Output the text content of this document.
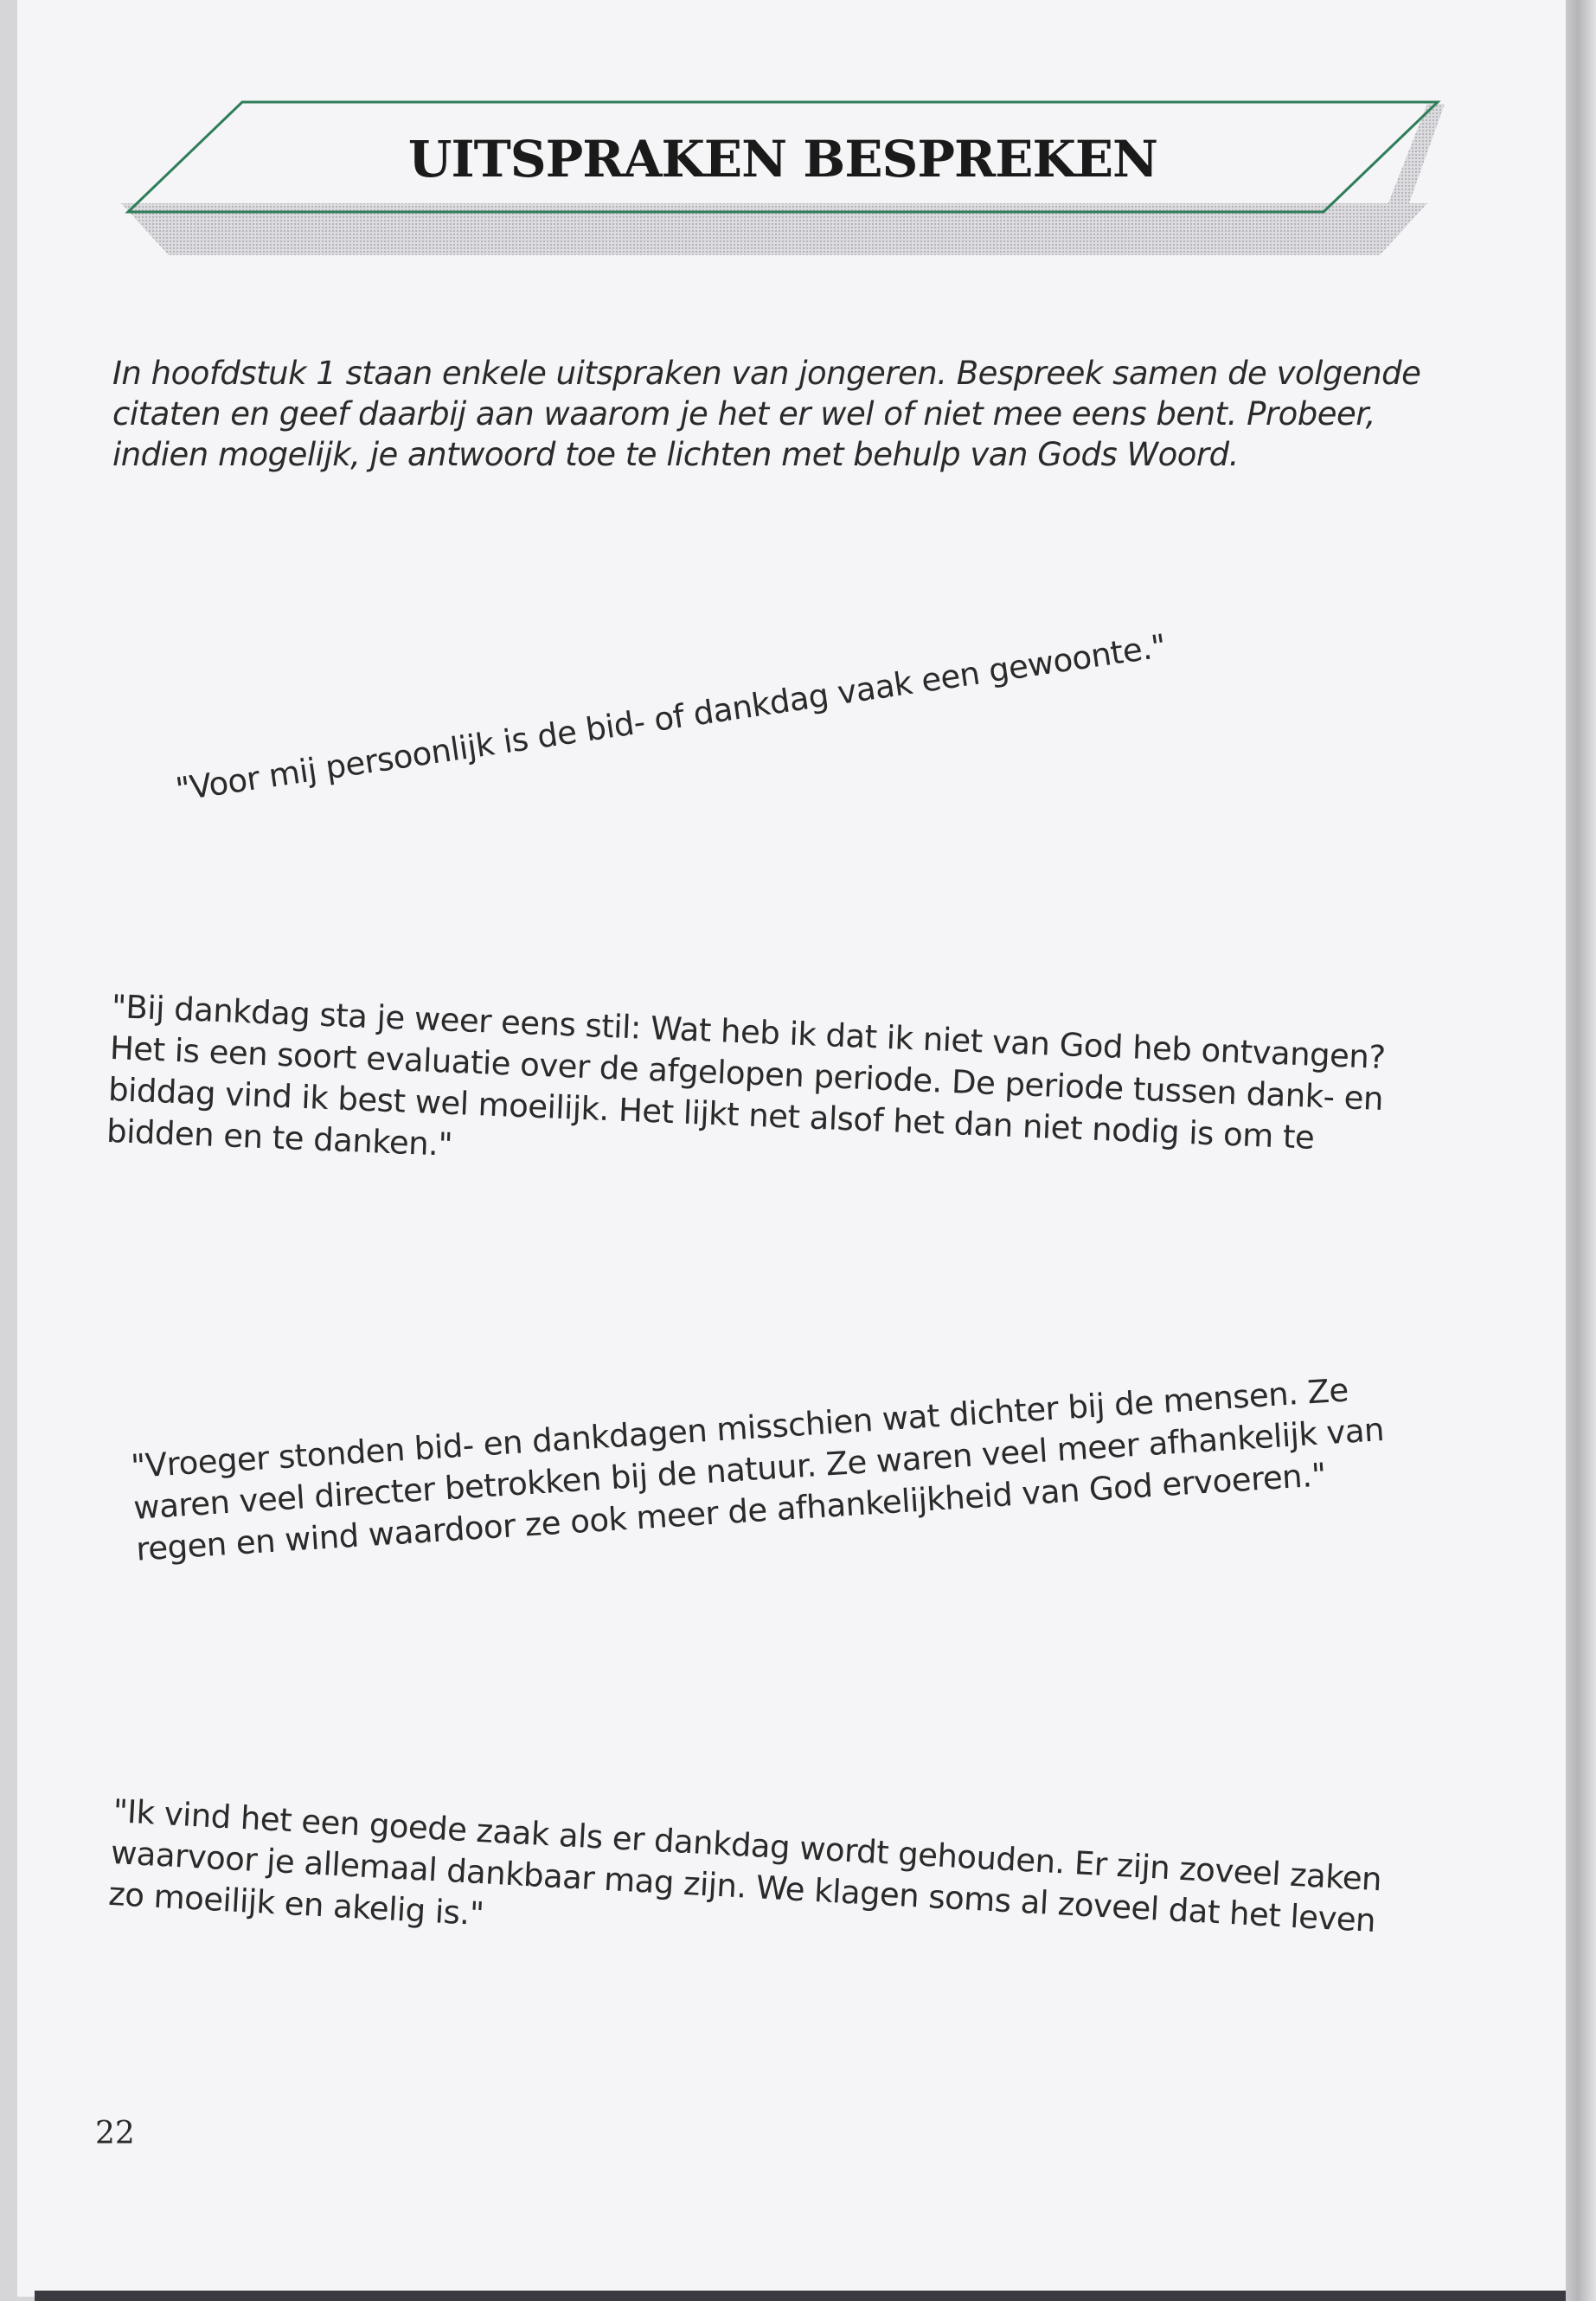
UITSPRAKEN BESPREKEN

In hoofdstuk 1 staan enkele uitspraken van jongeren. Bespreek samen de volgende citaten en geef daarbij aan waarom je het er wel of niet mee eens bent. Probeer, indien mogelijk, je antwoord toe te lichten met behulp van Gods Woord.

"Voor mij persoonlijk is de bid- of dankdag vaak een gewoonte."

"Bij dankdag sta je weer eens stil: Wat heb ik dat ik niet van God heb ontvangen? Het is een soort evaluatie over de afgelopen periode. De periode tussen dank- en biddag vind ik best wel moeilijk. Het lijkt net alsof het dan niet nodig is om te bidden en te danken."

"Vroeger stonden bid- en dankdagen misschien wat dichter bij de mensen. Ze waren veel directer betrokken bij de natuur. Ze waren veel meer afhankelijk van regen en wind waardoor ze ook meer de afhankelijkheid van God ervoeren."

"Ik vind het een goede zaak als er dankdag wordt gehouden. Er zijn zoveel zaken waarvoor je allemaal dankbaar mag zijn. We klagen soms al zoveel dat het leven zo moeilijk en akelig is."

22
